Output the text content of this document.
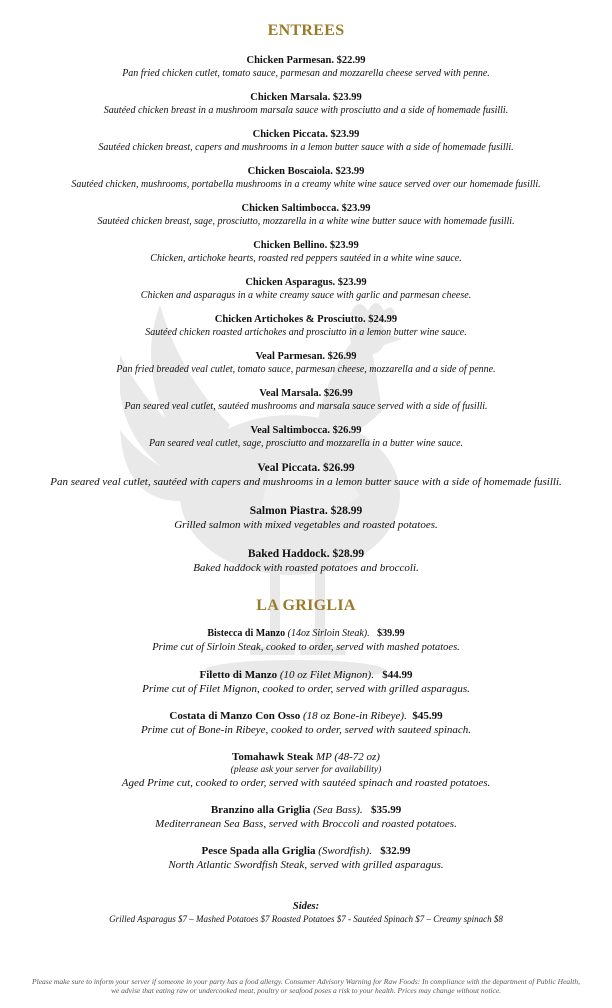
ENTREES
Chicken Parmesan. $22.99
Pan fried chicken cutlet, tomato sauce, parmesan and mozzarella cheese served with penne.
Chicken Marsala. $23.99
Sautéed chicken breast in a mushroom marsala sauce with prosciutto and a side of homemade fusilli.
Chicken Piccata. $23.99
Sautéed chicken breast, capers and mushrooms in a lemon butter sauce with a side of homemade fusilli.
Chicken Boscaiola. $23.99
Sautéed chicken, mushrooms, portabella mushrooms in a creamy white wine sauce served over our homemade fusilli.
Chicken Saltimbocca. $23.99
Sautéed chicken breast, sage, prosciutto, mozzarella in a white wine butter sauce with homemade fusilli.
Chicken Bellino. $23.99
Chicken, artichoke hearts, roasted red peppers sautéed in a white wine sauce.
Chicken Asparagus. $23.99
Chicken and asparagus in a white creamy sauce with garlic and parmesan cheese.
Chicken Artichokes & Prosciutto. $24.99
Sautéed chicken roasted artichokes and prosciutto in a lemon butter wine sauce.
Veal Parmesan. $26.99
Pan fried breaded veal cutlet, tomato sauce, parmesan cheese, mozzarella and a side of penne.
Veal Marsala. $26.99
Pan seared veal cutlet, sautéed mushrooms and marsala sauce served with a side of fusilli.
Veal Saltimbocca. $26.99
Pan seared veal cutlet, sage, prosciutto and mozzarella in a butter wine sauce.
Veal Piccata. $26.99
Pan seared veal cutlet, sautéed with capers and mushrooms in a lemon butter sauce with a side of homemade fusilli.
Salmon Piastra. $28.99
Grilled salmon with mixed vegetables and roasted potatoes.
Baked Haddock. $28.99
Baked haddock with roasted potatoes and broccoli.
LA GRIGLIA
Bistecca di Manzo (14oz Sirloin Steak). $39.99
Prime cut of Sirloin Steak, cooked to order, served with mashed potatoes.
Filetto di Manzo (10 oz Filet Mignon). $44.99
Prime cut of Filet Mignon, cooked to order, served with grilled asparagus.
Costata di Manzo Con Osso (18 oz Bone-in Ribeye). $45.99
Prime cut of Bone-in Ribeye, cooked to order, served with sauteed spinach.
Tomahawk Steak MP (48-72 oz)
(please ask your server for availability)
Aged Prime cut, cooked to order, served with sautéed spinach and roasted potatoes.
Branzino alla Griglia (Sea Bass). $35.99
Mediterranean Sea Bass, served with Broccoli and roasted potatoes.
Pesce Spada alla Griglia (Swordfish). $32.99
North Atlantic Swordfish Steak, served with grilled asparagus.
Sides:
Grilled Asparagus $7 – Mashed Potatoes $7 Roasted Potatoes $7 - Sautéed Spinach $7 – Creamy spinach $8
Please make sure to inform your server if someone in your party has a food allergy. Consumer Advisory Warning for Raw Foods: In compliance with the department of Public Health, we advise that eating raw or undercooked meat, poultry or seafood poses a risk to your health. Prices may change without notice.
